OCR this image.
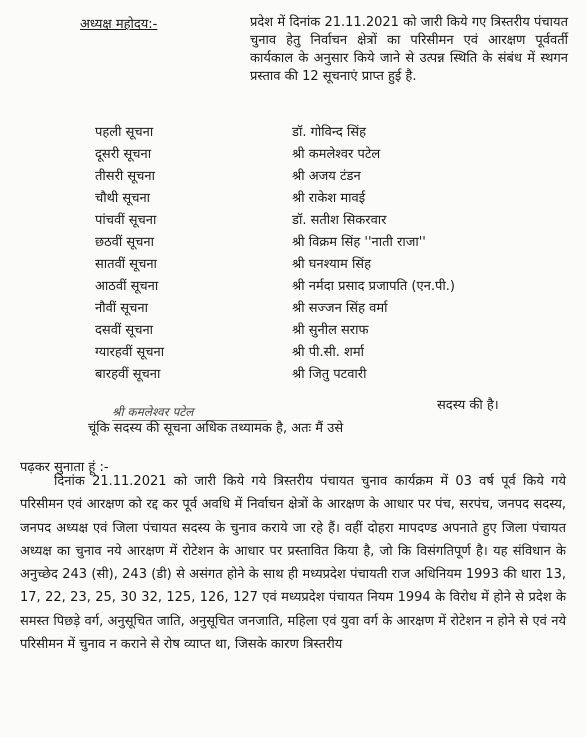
अध्यक्ष महोदय:-	प्रदेश में दिनांक 21.11.2021 को जारी किये गए त्रिस्तरीय पंचायत चुनाव हेतु निर्वाचन क्षेत्रों का परिसीमन एवं आरक्षण पूर्ववर्ती कार्यकाल के अनुसार किये जाने से उत्पन्न स्थिति के संबंध में स्थगन प्रस्ताव की 12 सूचनाएं प्राप्त हुई है.
पहली सूचना	डॉ. गोविन्द सिंह
दूसरी सूचना	श्री कमलेश्वर पटेल
तीसरी सूचना	श्री अजय टंडन
चौथी सूचना	श्री राकेश मावई
पांचवीं सूचना	डॉ. सतीश सिकरवार
छठवीं सूचना	श्री विक्रम सिंह ''नाती राजा''
सातवीं सूचना	श्री घनश्याम सिंह
आठवीं सूचना	श्री नर्मदा प्रसाद प्रजापति (एन.पी.)
नौवीं सूचना	श्री सज्जन सिंह वर्मा
दसवीं सूचना	श्री सुनील सराफ
ग्यारहवीं सूचना	श्री पी.सी. शर्मा
बारहवीं सूचना	श्री जितु पटवारी
सदस्य की है।
श्री कमलेश्वर पटेल
चूंकि सदस्य की सूचना अधिक तथ्यामक है, अतः मैं उसे
पढ़कर सुनाता हूं :-
दिनांक 21.11.2021 को जारी किये गये त्रिस्तरीय पंचायत चुनाव कार्यक्रम में 03 वर्ष पूर्व किये गये परिसीमन एवं आरक्षण को रद्द कर पूर्व अवधि में निर्वाचन क्षेत्रों के आरक्षण के आधार पर पंच, सरपंच, जनपद सदस्य, जनपद अध्यक्ष एवं जिला पंचायत सदस्य के चुनाव कराये जा रहे हैं। वहीं दोहरा मापदण्ड अपनाते हुए जिला पंचायत अध्यक्ष का चुनाव नये आरक्षण में रोटेशन के आधार पर प्रस्तावित किया है, जो कि विसंगतिपूर्ण है। यह संविधान के अनुच्छेद 243 (सी), 243 (डी) से असंगत होने के साथ ही मध्यप्रदेश पंचायती राज अधिनियम 1993 की धारा 13, 17, 22, 23, 25, 30 32, 125, 126, 127 एवं मध्यप्रदेश पंचायत नियम 1994 के विरोध में होने से प्रदेश के समस्त पिछड़े वर्ग, अनुसूचित जाति, अनुसूचित जनजाति, महिला एवं युवा वर्ग के आरक्षण में रोटेशन न होने से एवं नये परिसीमन में चुनाव न कराने से रोष व्याप्त था, जिसके कारण त्रिस्तरीय
